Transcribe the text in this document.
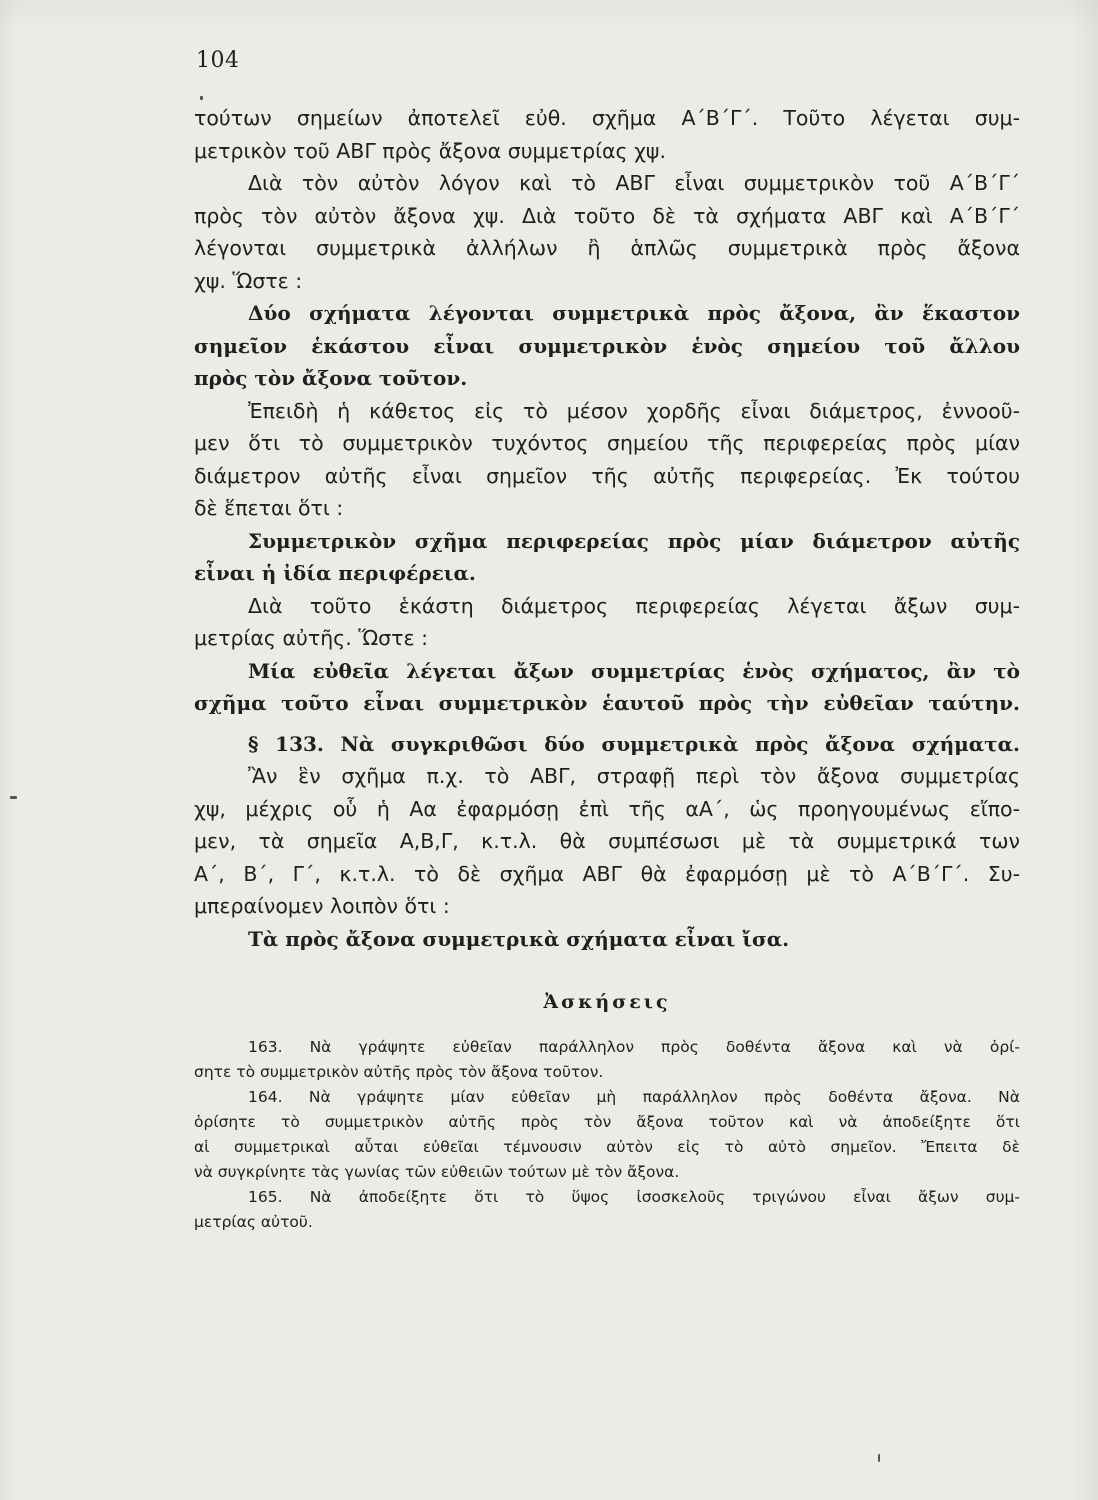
104
τούτων σημείων ἀποτελεῖ εὐθ. σχῆμα Α΄Β΄Γ΄. Τοῦτο λέγεται συμ-
μετρικὸν τοῦ ΑΒΓ πρὸς ἄξονα συμμετρίας χψ.
Διὰ τὸν αὐτὸν λόγον καὶ τὸ ΑΒΓ εἶναι συμμετρικὸν τοῦ Α΄Β΄Γ΄
πρὸς τὸν αὐτὸν ἄξονα χψ. Διὰ τοῦτο δὲ τὰ σχήματα ΑΒΓ καὶ Α΄Β΄Γ΄
λέγονται συμμετρικὰ ἀλλήλων ἢ ἁπλῶς συμμετρικὰ πρὸς ἄξονα
χψ. Ὥστε :
Δύο σχήματα λέγονται συμμετρικὰ πρὸς ἄξονα, ἂν ἕκαστον
σημεῖον ἑκάστου εἶναι συμμετρικὸν ἑνὸς σημείου τοῦ ἄλλου
πρὸς τὸν ἄξονα τοῦτον.
Ἐπειδὴ ἡ κάθετος εἰς τὸ μέσον χορδῆς εἶναι διάμετρος, ἐννοοῦ-
μεν ὅτι τὸ συμμετρικὸν τυχόντος σημείου τῆς περιφερείας πρὸς μίαν
διάμετρον αὐτῆς εἶναι σημεῖον τῆς αὐτῆς περιφερείας. Ἐκ τούτου
δὲ ἕπεται ὅτι :
Συμμετρικὸν σχῆμα περιφερείας πρὸς μίαν διάμετρον αὐτῆς
εἶναι ἡ ἰδία περιφέρεια.
Διὰ τοῦτο ἑκάστη διάμετρος περιφερείας λέγεται ἄξων συμ-
μετρίας αὐτῆς. Ὥστε :
Μία εὐθεῖα λέγεται ἄξων συμμετρίας ἑνὸς σχήματος, ἂν τὸ
σχῆμα τοῦτο εἶναι συμμετρικὸν ἑαυτοῦ πρὸς τὴν εὐθεῖαν ταύτην.
§ 133. Νὰ συγκριθῶσι δύο συμμετρικὰ πρὸς ἄξονα σχήματα.
Ἂν ἓν σχῆμα π.χ. τὸ ΑΒΓ, στραφῇ περὶ τὸν ἄξονα συμμετρίας
χψ, μέχρις οὗ ἡ Αα ἐφαρμόσῃ ἐπὶ τῆς αΑ΄, ὡς προηγουμένως εἴπο-
μεν, τὰ σημεῖα Α,Β,Γ, κ.τ.λ. θὰ συμπέσωσι μὲ τὰ συμμετρικά των
Α΄, Β΄, Γ΄, κ.τ.λ. τὸ δὲ σχῆμα ΑΒΓ θὰ ἐφαρμόσῃ μὲ τὸ Α΄Β΄Γ΄. Συ-
μπεραίνομεν λοιπὸν ὅτι :
Τὰ πρὸς ἄξονα συμμετρικὰ σχήματα εἶναι ἴσα.
Ἀσκήσεις
163. Νὰ γράψητε εὐθεῖαν παράλληλον πρὸς δοθέντα ἄξονα καὶ νὰ ὁρί-
σητε τὸ συμμετρικὸν αὐτῆς πρὸς τὸν ἄξονα τοῦτον.
164. Νὰ γράψητε μίαν εὐθεῖαν μὴ παράλληλον πρὸς δοθέντα ἄξονα. Νὰ
ὁρίσητε τὸ συμμετρικὸν αὐτῆς πρὸς τὸν ἄξονα τοῦτον καὶ νὰ ἀποδείξητε ὅτι
αἱ συμμετρικαὶ αὗται εὐθεῖαι τέμνουσιν αὐτὸν εἰς τὸ αὐτὸ σημεῖον. Ἔπειτα δὲ
νὰ συγκρίνητε τὰς γωνίας τῶν εὐθειῶν τούτων μὲ τὸν ἄξονα.
165. Νὰ ἀποδείξητε ὅτι τὸ ὕψος ἰσοσκελοῦς τριγώνου εἶναι ἄξων συμ-
μετρίας αὐτοῦ.
